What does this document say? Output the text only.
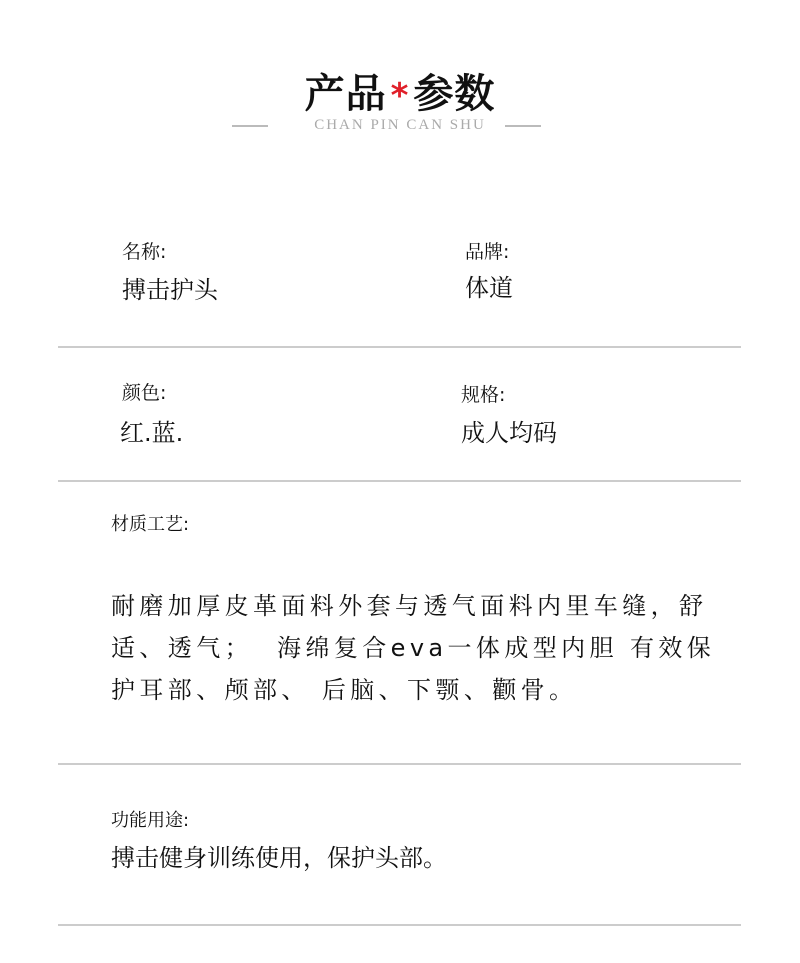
产品 * 参数
CHAN PIN CAN SHU
名称:
搏击护头
品牌:
体道
颜色:
红.蓝.
规格:
成人均码
材质工艺:
耐磨加厚皮革面料外套与透气面料内里车缝，舒
适、透气；  海绵复合eva一体成型内胆 有效保
护耳部、颅部、 后脑、下颚、颧骨。
功能用途:
搏击健身训练使用，保护头部。
